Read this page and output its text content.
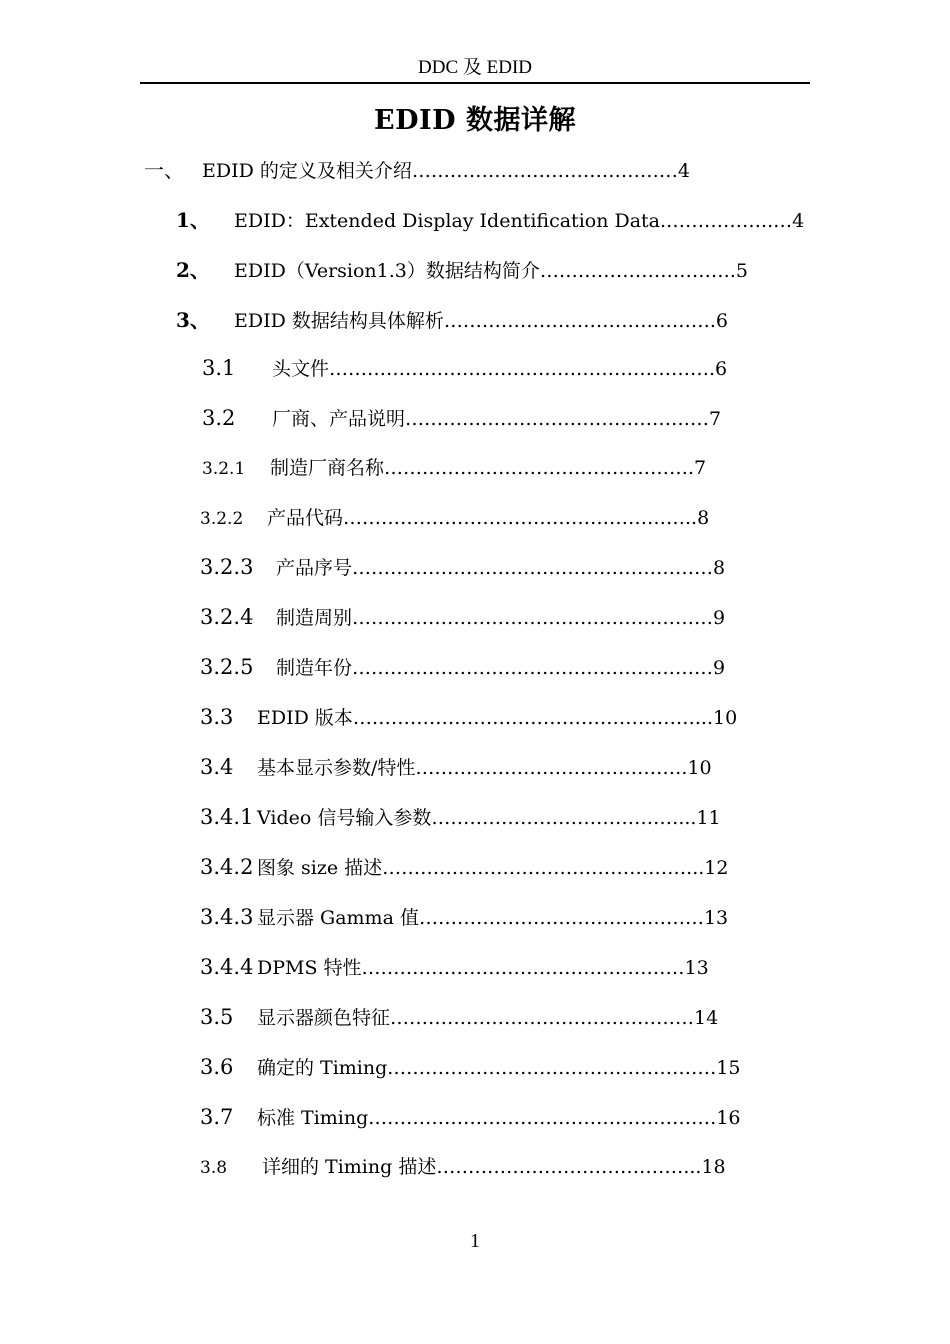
DDC 及 EDID
EDID 数据详解
一、 EDID 的定义及相关介绍……………………………………4
1、 EDID：Extended Display Identification Data.……………..…4
2、 EDID（Version1.3）数据结构简介………………………….5
3、 EDID 数据结构具体解析…………………………………….6
3.1 头文件…………………………………………………….6
3.2 厂商、产品说明…………………………………………7
3.2.1 制造厂商名称………………………………………….7
3.2.2 产品代码………………………………………………..8
3.2.3 产品序号…………………………………………………8
3.2.4 制造周别…………………………………………………9
3.2.5 制造年份…………………………………………………9
3.3 EDID 版本………………………………………………...10
3.4 基本显示参数/特性…………………………………….10
3.4.1 Video 信号输入参数…………………………………...11
3.4.2 图象 size 描述…………………………………………...12
3.4.3 显示器 Gamma 值………………………………………13
3.4.4 DPMS 特性……………………………………………13
3.5 显示器颜色特征…………………………………………14
3.6 确定的 Timing.……………………………………………15
3.7 标准 Timing.………………………………………………16
3.8 详细的 Timing 描述…………………………………...18
1
